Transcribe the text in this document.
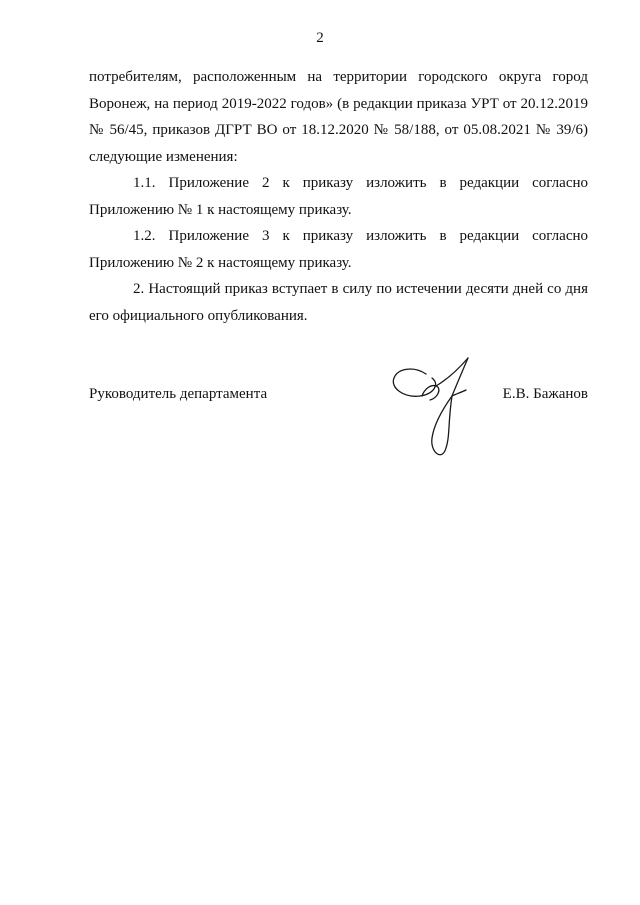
2

потребителям, расположенным на территории городского округа город Воронеж, на период 2019-2022 годов» (в редакции приказа УРТ от 20.12.2019 № 56/45, приказов ДГРТ ВО от 18.12.2020 № 58/188, от 05.08.2021 № 39/6) следующие изменения:

1.1. Приложение 2 к приказу изложить в редакции согласно Приложению № 1 к настоящему приказу.

1.2. Приложение 3 к приказу изложить в редакции согласно Приложению № 2 к настоящему приказу.

2. Настоящий приказ вступает в силу по истечении десяти дней со дня его официального опубликования.

Руководитель департамента	Е.В. Бажанов
